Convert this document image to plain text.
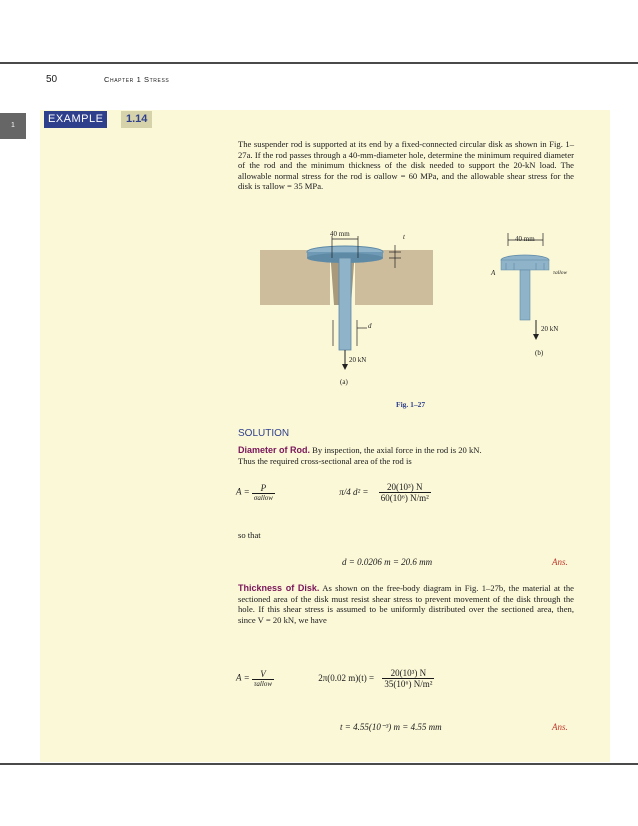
50	Chapter 1 Stress
1
EXAMPLE	1.14
The suspender rod is supported at its end by a fixed-connected circular disk as shown in Fig. 1–27a. If the rod passes through a 40-mm-diameter hole, determine the minimum required diameter of the rod and the minimum thickness of the disk needed to support the 20-kN load. The allowable normal stress for the rod is σallow = 60 MPa, and the allowable shear stress for the disk is τallow = 35 MPa.
40 mm	t
d
20 kN
(a)
40 mm
A	τallow
20 kN
(b)
Fig. 1–27
SOLUTION
Diameter of Rod. By inspection, the axial force in the rod is 20 kN.
Thus the required cross-sectional area of the rod is
$A = \frac{P}{\text{σallow}}$	π/4 $d^2 = \frac{\text{20(10³) N}}{\text{60(10⁶) N/m²}}$
so that
d = 0.0206 m = 20.6 mm	Ans.
Thickness of Disk. As shown on the free-body diagram in Fig. 1–27b, the material at the sectioned area of the disk must resist shear stress to prevent movement of the disk through the hole. If this shear stress is assumed to be uniformly distributed over the sectioned area, then, since V = 20 kN, we have
$A = \frac{V}{\text{τallow}}$	2π(0.02 $m)(t) = \frac{\text{20(10³) N}}{\text{35(10⁶) N/m²}}$
t = 4.55(10⁻³) m = 4.55 mm	Ans.
